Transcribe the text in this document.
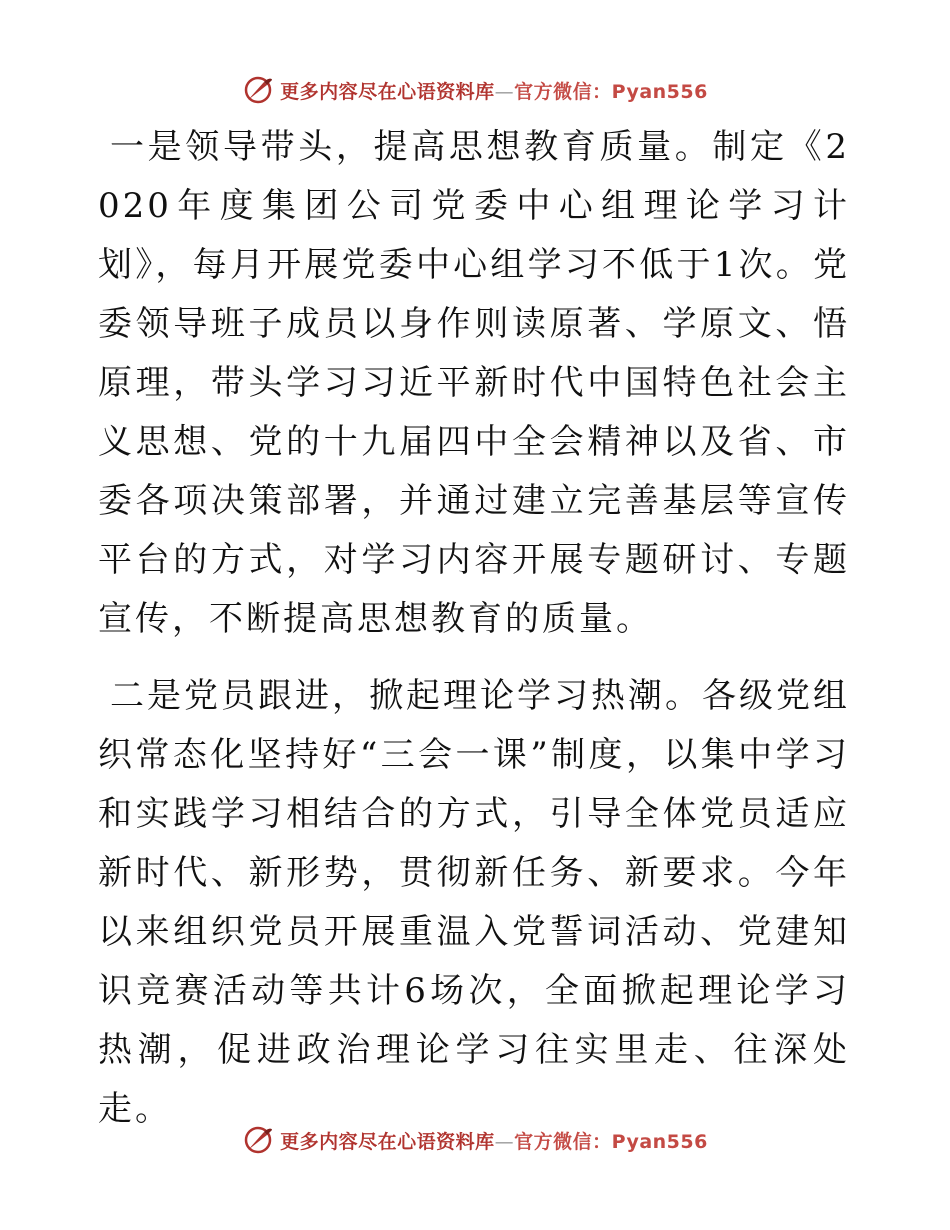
更多内容尽在心语资料库—官方微信：Pyan556

一是领导带头，提高思想教育质量。制定《2020年度集团公司党委中心组理论学习计划》，每月开展党委中心组学习不低于1次。党委领导班子成员以身作则读原著、学原文、悟原理，带头学习习近平新时代中国特色社会主义思想、党的十九届四中全会精神以及省、市委各项决策部署，并通过建立完善基层等宣传平台的方式，对学习内容开展专题研讨、专题宣传，不断提高思想教育的质量。

二是党员跟进，掀起理论学习热潮。各级党组织常态化坚持好“三会一课”制度，以集中学习和实践学习相结合的方式，引导全体党员适应新时代、新形势，贯彻新任务、新要求。今年以来组织党员开展重温入党誓词活动、党建知识竞赛活动等共计6场次，全面掀起理论学习热潮，促进政治理论学习往实里走、往深处走。

更多内容尽在心语资料库—官方微信：Pyan556
